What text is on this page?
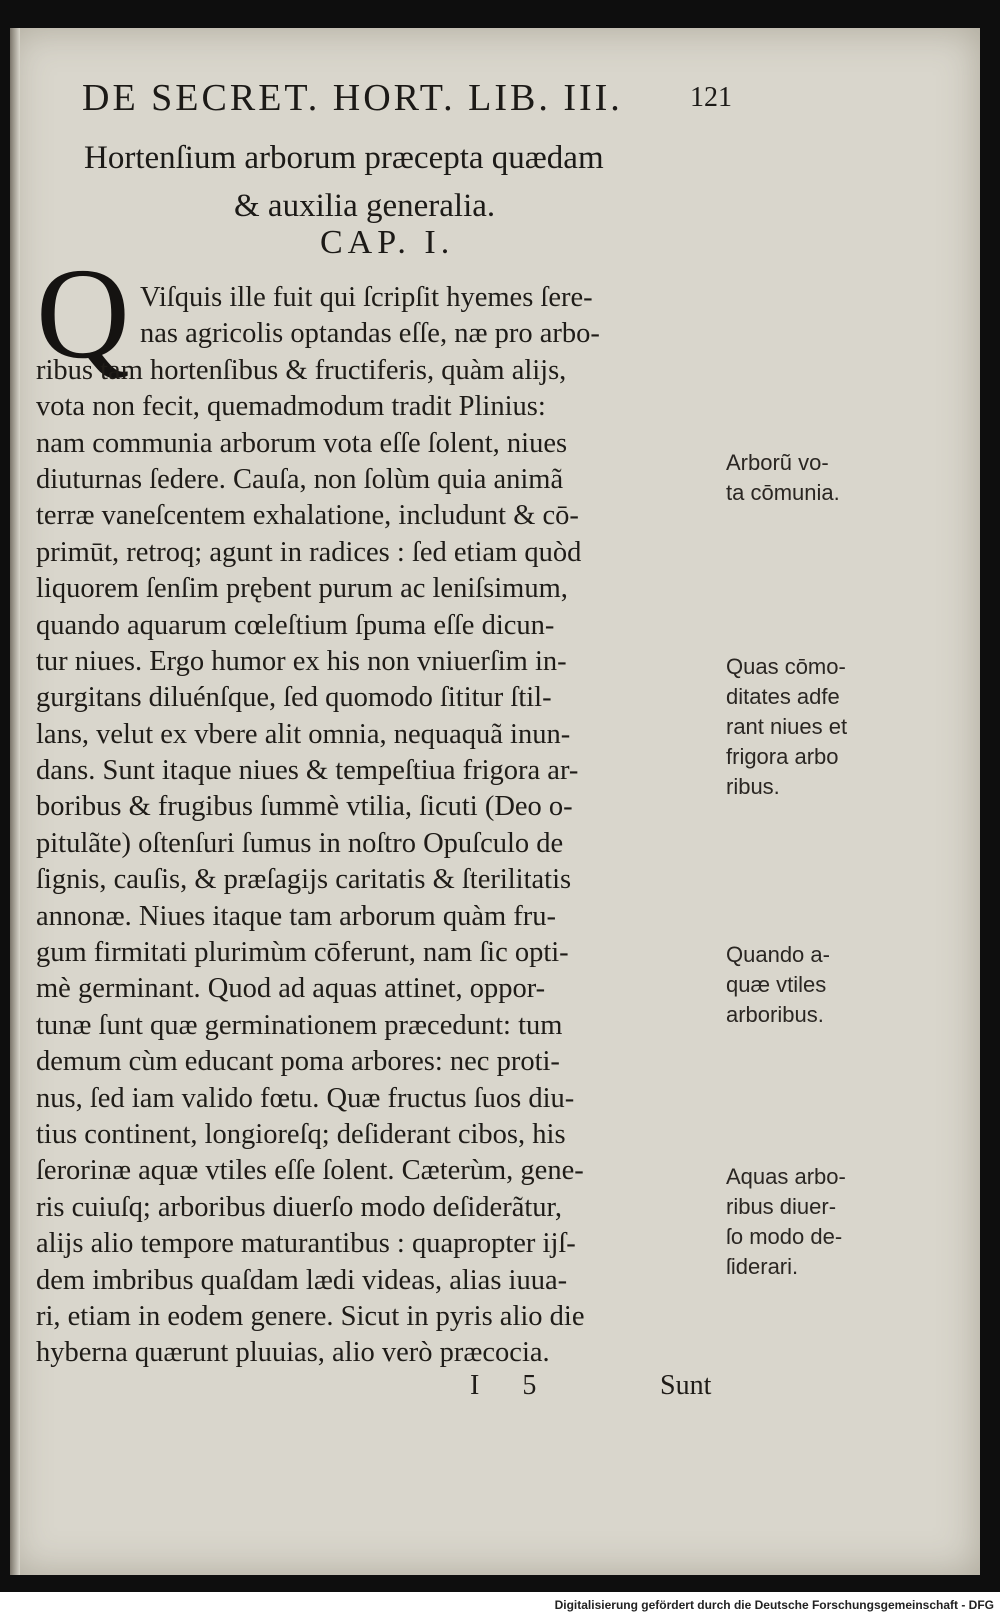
DE SECRET. HORT. LIB. III. 121
Hortenſium arborum præcepta quædam
& auxilia generalia.
CAP. I.
Q Viſquis ille fuit qui ſcripſit hyemes ſere-
nas agricolis optandas eſſe, næ pro arbo-
ribus tam hortenſibus & fructiferis, quàm alijs,
vota non fecit, quemadmodum tradit Plinius:
nam communia arborum vota eſſe ſolent, niues
diuturnas ſedere. Cauſa, non ſolùm quia animã
terræ vaneſcentem exhalatione, includunt & cō-
primūt, retroq; agunt in radices : ſed etiam quòd
liquorem ſenſim prębent purum ac leniſsimum,
quando aquarum cœleſtium ſpuma eſſe dicun-
tur niues. Ergo humor ex his non vniuerſim in-
gurgitans diluénſque, ſed quomodo ſititur ſtil-
lans, velut ex vbere alit omnia, nequaquã inun-
dans. Sunt itaque niues & tempeſtiua frigora ar-
boribus & frugibus ſummè vtilia, ſicuti (Deo o-
pitulãte) oſtenſuri ſumus in noſtro Opuſculo de
ſignis, cauſis, & præſagijs caritatis & ſterilitatis
annonæ. Niues itaque tam arborum quàm fru-
gum firmitati plurimùm cōferunt, nam ſic opti-
mè germinant. Quod ad aquas attinet, oppor-
tunæ ſunt quæ germinationem præcedunt: tum
demum cùm educant poma arbores: nec proti-
nus, ſed iam valido fœtu. Quæ fructus ſuos diu-
tius continent, longioreſq; deſiderant cibos, his
ſerorinæ aquæ vtiles eſſe ſolent. Cæterùm, gene-
ris cuiuſq; arboribus diuerſo modo deſiderãtur,
alijs alio tempore maturantibus : quapropter ijſ-
dem imbribus quaſdam lædi videas, alias iuua-
ri, etiam in eodem genere. Sicut in pyris alio die
hyberna quærunt pluuias, alio verò præcocia.
Arborũ vo-
ta cōmunia.
Quas cōmo-
ditates adfe
rant niues et
frigora arbo
ribus.
Quando a-
quæ vtiles
arboribus.
Aquas arbo-
ribus diuer-
ſo modo de-
ſiderari.
I 5	Sunt
Digitalisierung gefördert durch die Deutsche Forschungsgemeinschaft - DFG
